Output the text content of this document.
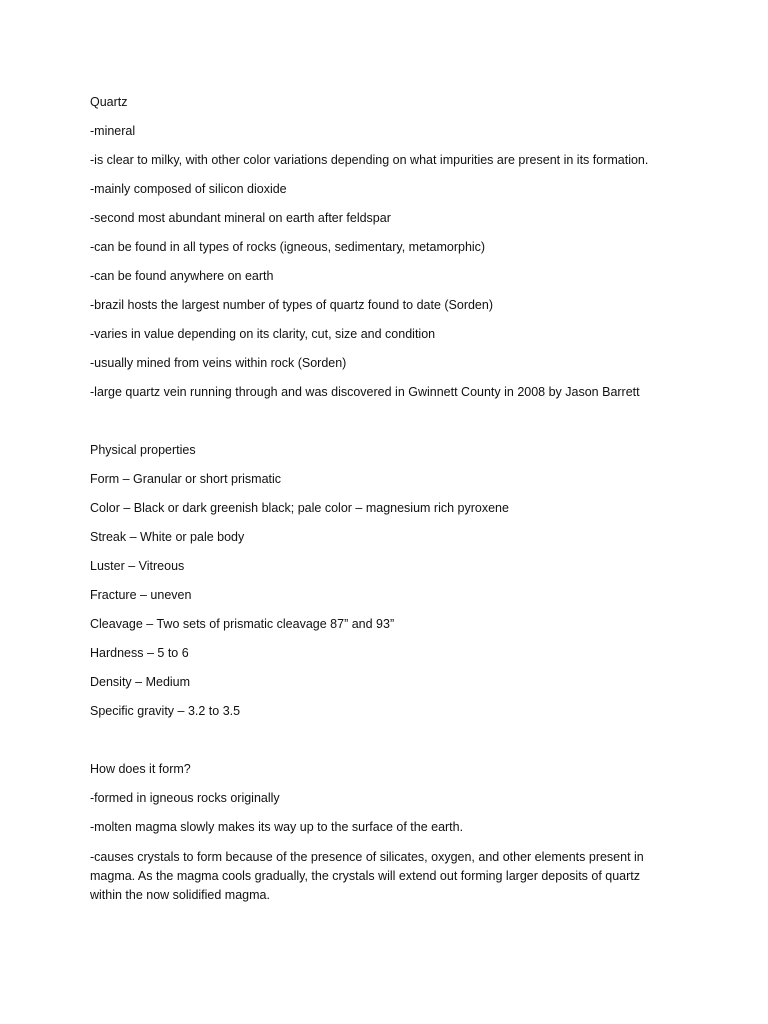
Quartz
-mineral
-is clear to milky, with other color variations depending on what impurities are present in its formation.
-mainly composed of silicon dioxide
-second most abundant mineral on earth after feldspar
-can be found in all types of rocks (igneous, sedimentary, metamorphic)
-can be found anywhere on earth
-brazil hosts the largest number of types of quartz found to date (Sorden)
-varies in value depending on its clarity, cut, size and condition
-usually mined from veins within rock (Sorden)
-large quartz vein running through and was discovered in Gwinnett County in 2008 by Jason Barrett
Physical properties
Form – Granular or short prismatic
Color – Black or dark greenish black; pale color – magnesium rich pyroxene
Streak – White or pale body
Luster – Vitreous
Fracture – uneven
Cleavage – Two sets of prismatic cleavage 87” and 93”
Hardness – 5 to 6
Density – Medium
Specific gravity – 3.2 to 3.5
How does it form?
-formed in igneous rocks originally
-molten magma slowly makes its way up to the surface of the earth.
-causes crystals to form because of the presence of silicates, oxygen, and other elements present in magma. As the magma cools gradually, the crystals will extend out forming larger deposits of quartz within the now solidified magma.
